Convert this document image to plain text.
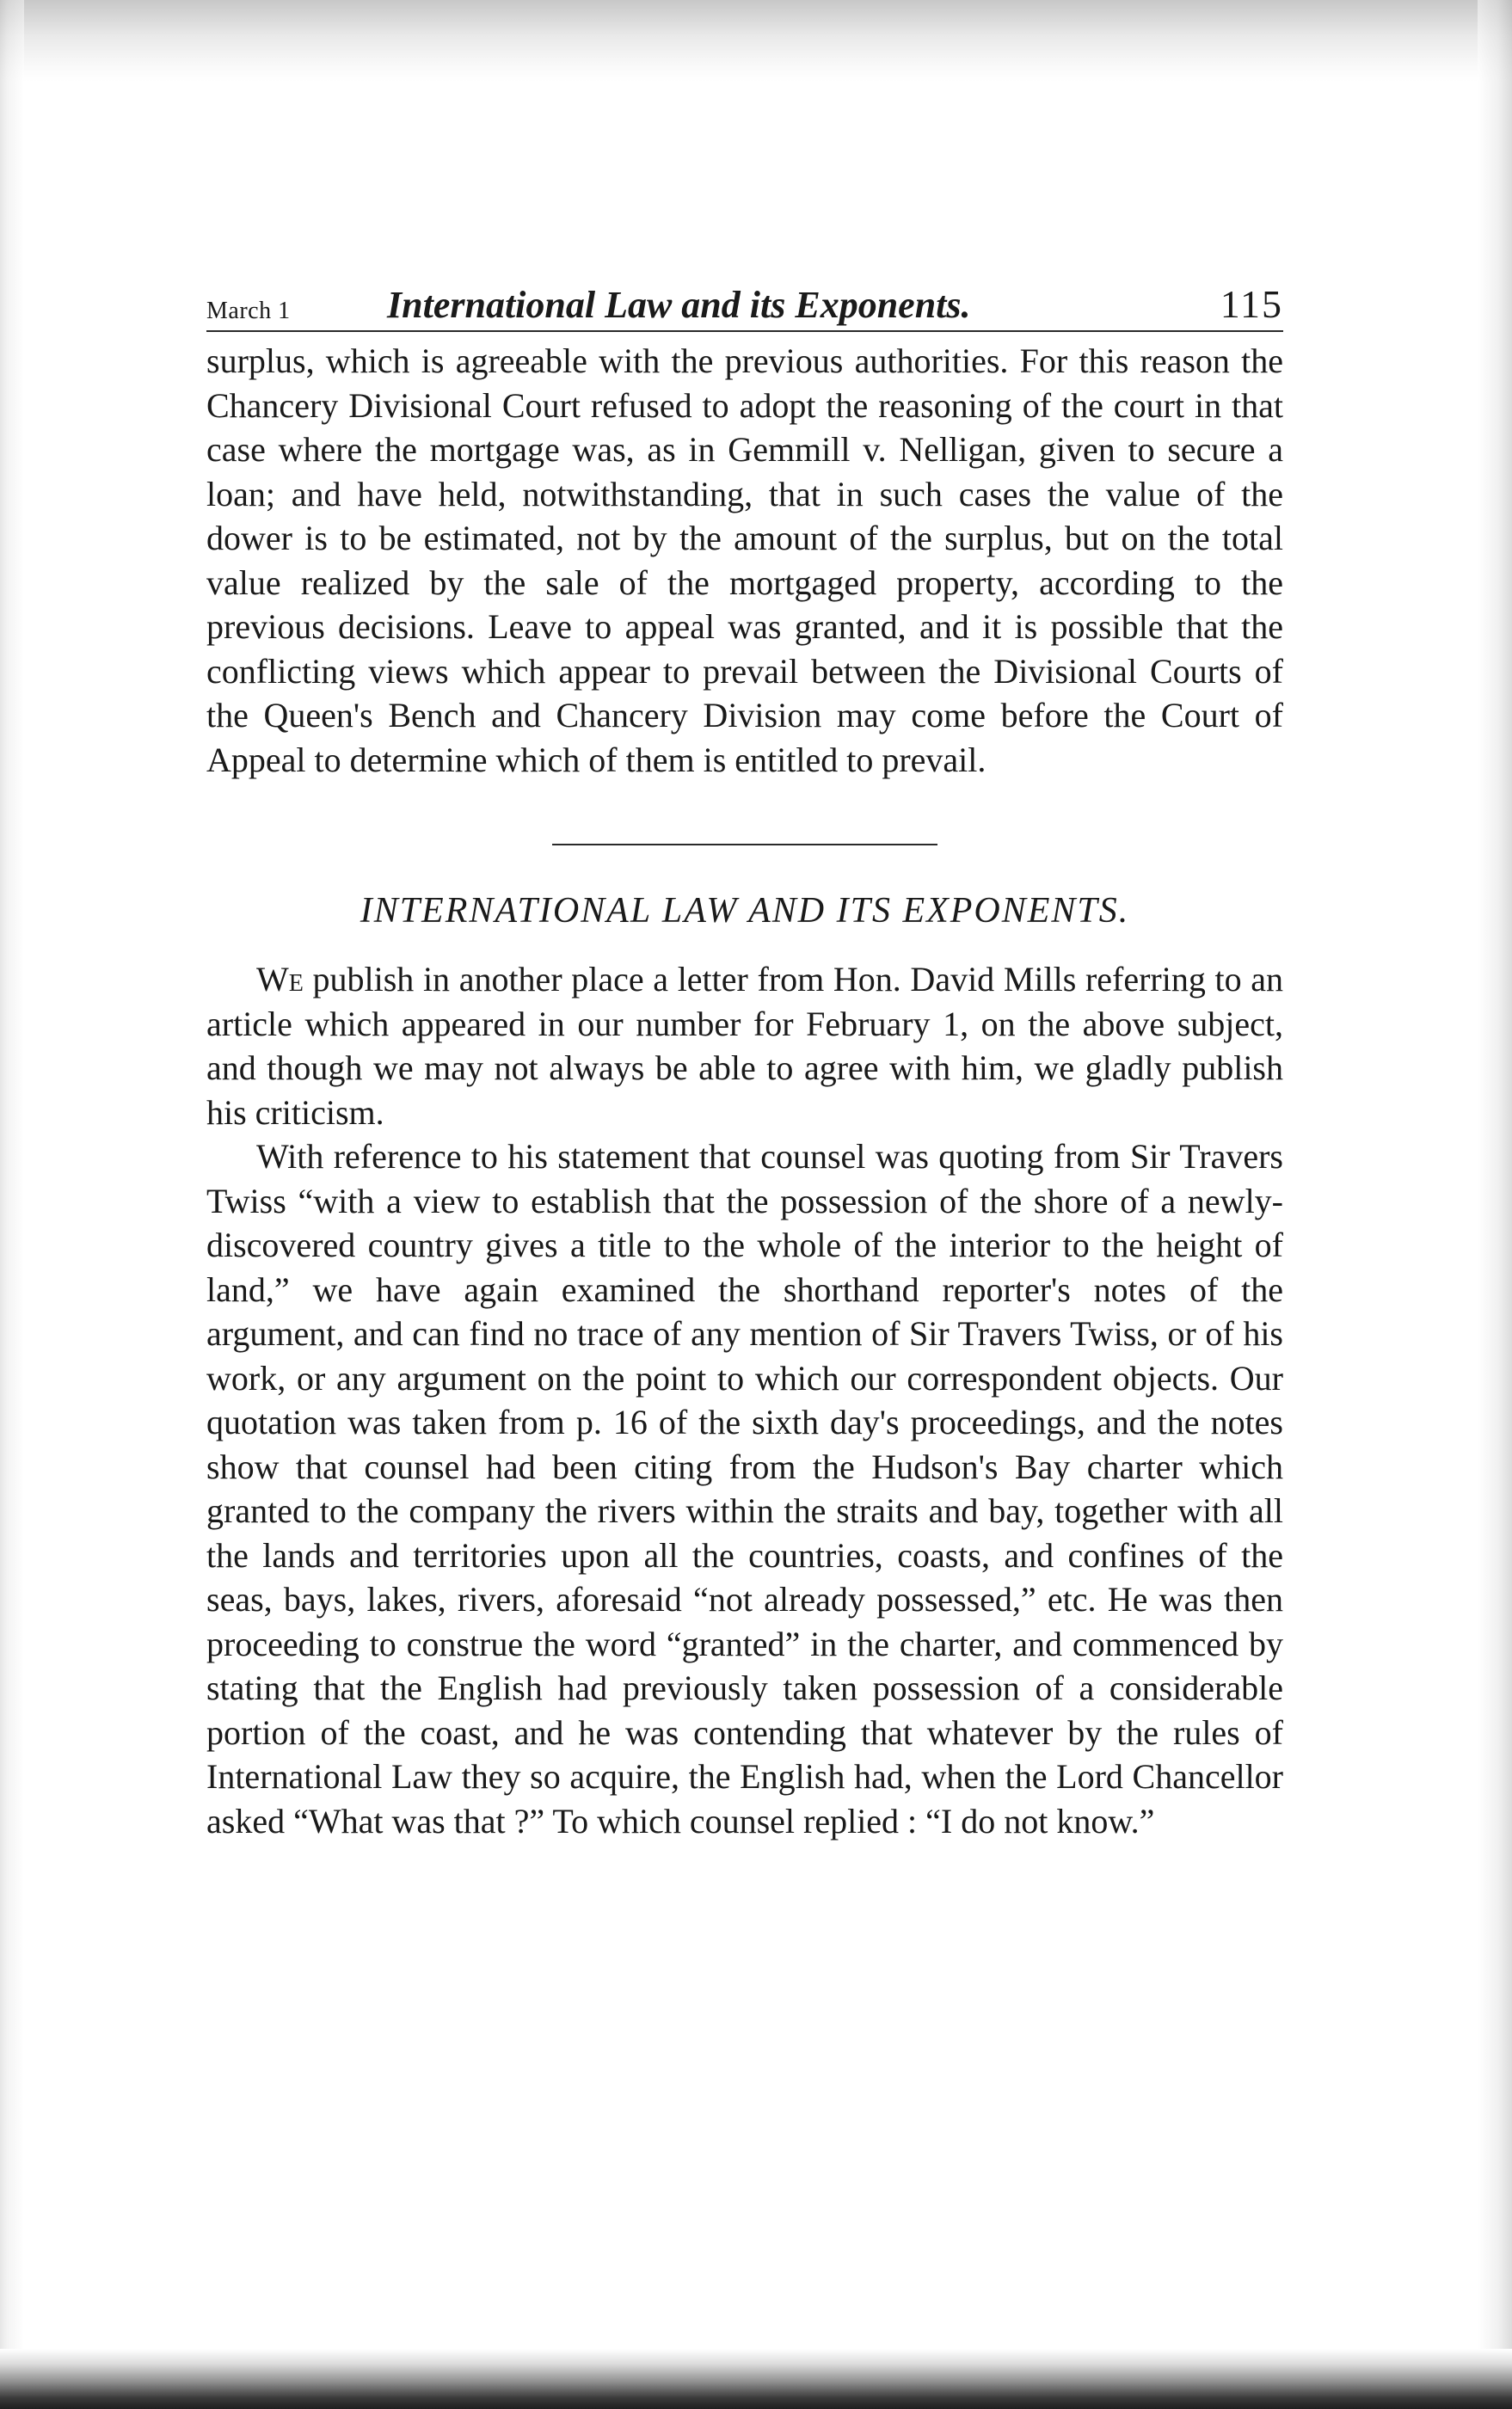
March 1	International Law and its Exponents.	115

surplus, which is agreeable with the previous authorities. For this reason the Chancery Divisional Court refused to adopt the reasoning of the court in that case where the mortgage was, as in Gemmill v. Nelligan, given to secure a loan; and have held, notwithstanding, that in such cases the value of the dower is to be estimated, not by the amount of the surplus, but on the total value realized by the sale of the mortgaged property, according to the previous decisions. Leave to appeal was granted, and it is possible that the conflicting views which appear to prevail between the Divisional Courts of the Queen's Bench and Chancery Division may come before the Court of Appeal to determine which of them is entitled to prevail.

INTERNATIONAL LAW AND ITS EXPONENTS.

We publish in another place a letter from Hon. David Mills referring to an article which appeared in our number for February 1, on the above subject, and though we may not always be able to agree with him, we gladly publish his criticism.

With reference to his statement that counsel was quoting from Sir Travers Twiss “with a view to establish that the possession of the shore of a newly-discovered country gives a title to the whole of the interior to the height of land,” we have again examined the shorthand reporter's notes of the argument, and can find no trace of any mention of Sir Travers Twiss, or of his work, or any argument on the point to which our correspondent objects. Our quotation was taken from p. 16 of the sixth day's proceedings, and the notes show that counsel had been citing from the Hudson's Bay charter which granted to the company the rivers within the straits and bay, together with all the lands and territories upon all the countries, coasts, and confines of the seas, bays, lakes, rivers, aforesaid “not already possessed,” etc. He was then proceeding to construe the word “granted” in the charter, and commenced by stating that the English had previously taken possession of a considerable portion of the coast, and he was contending that whatever by the rules of International Law they so acquire, the English had, when the Lord Chancellor asked “What was that ?” To which counsel replied : “I do not know.”
